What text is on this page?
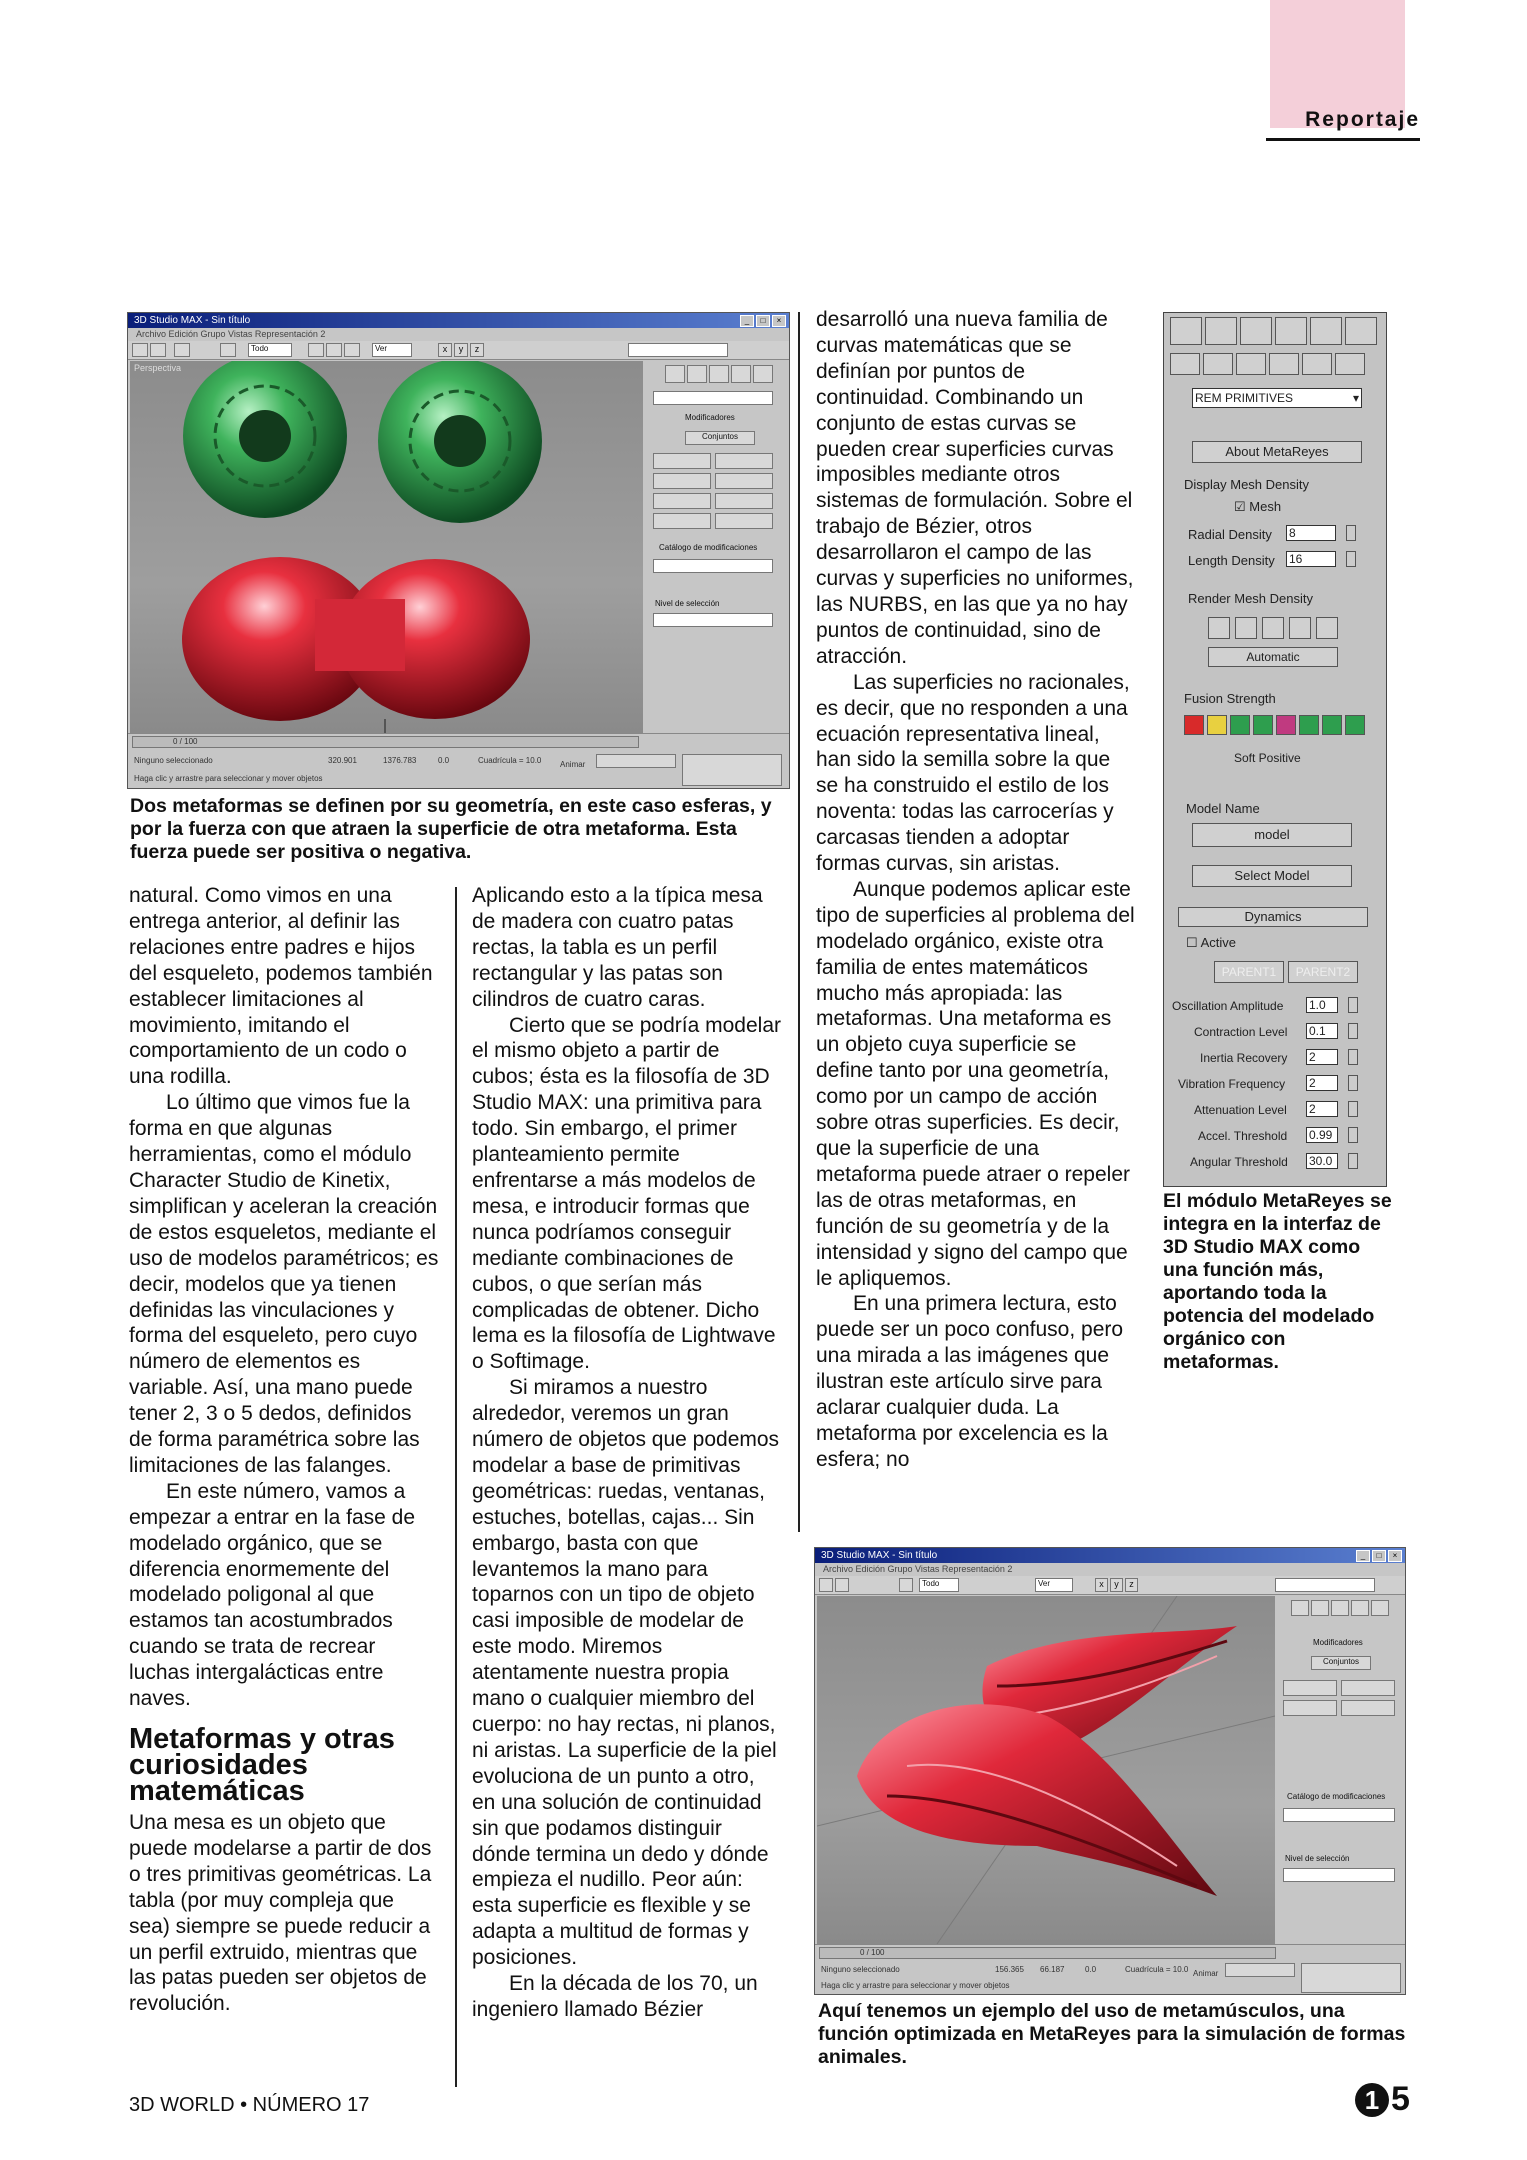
Reportaje
3D Studio MAX - Sin título	_	□	×
Archivo Edición Grupo Vistas Representación 2
Todo	Ver	x	y	z
Perspectiva
Modificadores
Conjuntos
Catálogo de modificaciones
Nivel de selección
0 / 100
Ninguno seleccionado	320.901	1376.783	0.0	Cuadrícula = 10.0 Animar
Haga clic y arrastre para seleccionar y mover objetos
Dos metaformas se definen por su geometría, en este caso esferas, y por la fuerza con que atraen la superficie de otra metaforma. Esta fuerza puede ser positiva o negativa.

natural. Como vimos en una entrega anterior, al definir las relaciones entre padres e hijos del esqueleto, podemos también establecer limitaciones al movimiento, imitando el comportamiento de un codo o una rodilla.

Lo último que vimos fue la forma en que algunas herramientas, como el módulo Character Studio de Kinetix, simplifican y aceleran la creación de estos esqueletos, mediante el uso de modelos paramétricos; es decir, modelos que ya tienen definidas las vinculaciones y forma del esqueleto, pero cuyo número de elementos es variable. Así, una mano puede tener 2, 3 o 5 dedos, definidos de forma paramétrica sobre las limitaciones de las falanges.

En este número, vamos a empezar a entrar en la fase de modelado orgánico, que se diferencia enormemente del modelado poligonal al que estamos tan acostumbrados cuando se trata de recrear luchas intergalácticas entre naves.

Metaformas y otras curiosidades matemáticas

Una mesa es un objeto que puede modelarse a partir de dos o tres primitivas geométricas. La tabla (por muy compleja que sea) siempre se puede reducir a un perfil extruido, mientras que las patas pueden ser objetos de revolución.

Aplicando esto a la típica mesa de madera con cuatro patas rectas, la tabla es un perfil rectangular y las patas son cilindros de cuatro caras.

Cierto que se podría modelar el mismo objeto a partir de cubos; ésta es la filosofía de 3D Studio MAX: una primitiva para todo. Sin embargo, el primer planteamiento permite enfrentarse a más modelos de mesa, e introducir formas que nunca podríamos conseguir mediante combinaciones de cubos, o que serían más complicadas de obtener. Dicho lema es la filosofía de Lightwave o Softimage.

Si miramos a nuestro alrededor, veremos un gran número de objetos que podemos modelar a base de primitivas geométricas: ruedas, ventanas, estuches, botellas, cajas... Sin embargo, basta con que levantemos la mano para toparnos con un tipo de objeto casi imposible de modelar de este modo. Miremos atentamente nuestra propia mano o cualquier miembro del cuerpo: no hay rectas, ni planos, ni aristas. La superficie de la piel evoluciona de un punto a otro, en una solución de continuidad sin que podamos distinguir dónde termina un dedo y dónde empieza el nudillo. Peor aún: esta superficie es flexible y se adapta a multitud de formas y posiciones.

En la década de los 70, un ingeniero llamado Bézier

desarrolló una nueva familia de curvas matemáticas que se definían por puntos de continuidad. Combinando un conjunto de estas curvas se pueden crear superficies curvas imposibles mediante otros sistemas de formulación. Sobre el trabajo de Bézier, otros desarrollaron el campo de las curvas y superficies no uniformes, las NURBS, en las que ya no hay puntos de continuidad, sino de atracción.

Las superficies no racionales, es decir, que no responden a una ecuación representativa lineal, han sido la semilla sobre la que se ha construido el estilo de los noventa: todas las carrocerías y carcasas tienden a adoptar formas curvas, sin aristas.

Aunque podemos aplicar este tipo de superficies al problema del modelado orgánico, existe otra familia de entes matemáticos mucho más apropiada: las metaformas. Una metaforma es un objeto cuya superficie se define tanto por una geometría, como por un campo de acción sobre otras superficies. Es decir, que la superficie de una metaforma puede atraer o repeler las de otras metaformas, en función de su geometría y de la intensidad y signo del campo que le apliquemos.

En una primera lectura, esto puede ser un poco confuso, pero una mirada a las imágenes que ilustran este artículo sirve para aclarar cualquier duda. La metaforma por excelencia es la esfera; no

REM PRIMITIVES	▾
About MetaReyes
Display Mesh Density
☑ Mesh
Radial Density 8
Length Density 16
Render Mesh Density
Automatic
Fusion Strength
Soft Positive
Model Name
model
Select Model
Dynamics
☐ Active
PARENT1	PARENT2
Oscillation Amplitude 1.0
Contraction Level 0.1
Inertia Recovery 2
Vibration Frequency 2
Attenuation Level 2
Accel. Threshold 0.99
Angular Threshold 30.0
El módulo MetaReyes se integra en la interfaz de 3D Studio MAX como una función más, aportando toda la potencia del modelado orgánico con metaformas.
3D Studio MAX - Sin título	_	□	×
Archivo Edición Grupo Vistas Representación 2
Todo	Ver	x	y	z
Modificadores
Conjuntos
Catálogo de modificaciones
Nivel de selección
0 / 100
Ninguno seleccionado	156.365 66.187	0.0	Cuadrícula = 10.0 Animar
Haga clic y arrastre para seleccionar y mover objetos
Aquí tenemos un ejemplo del uso de metamúsculos, una función optimizada en MetaReyes para la simulación de formas animales.
3D WORLD • NÚMERO 17	1 5
